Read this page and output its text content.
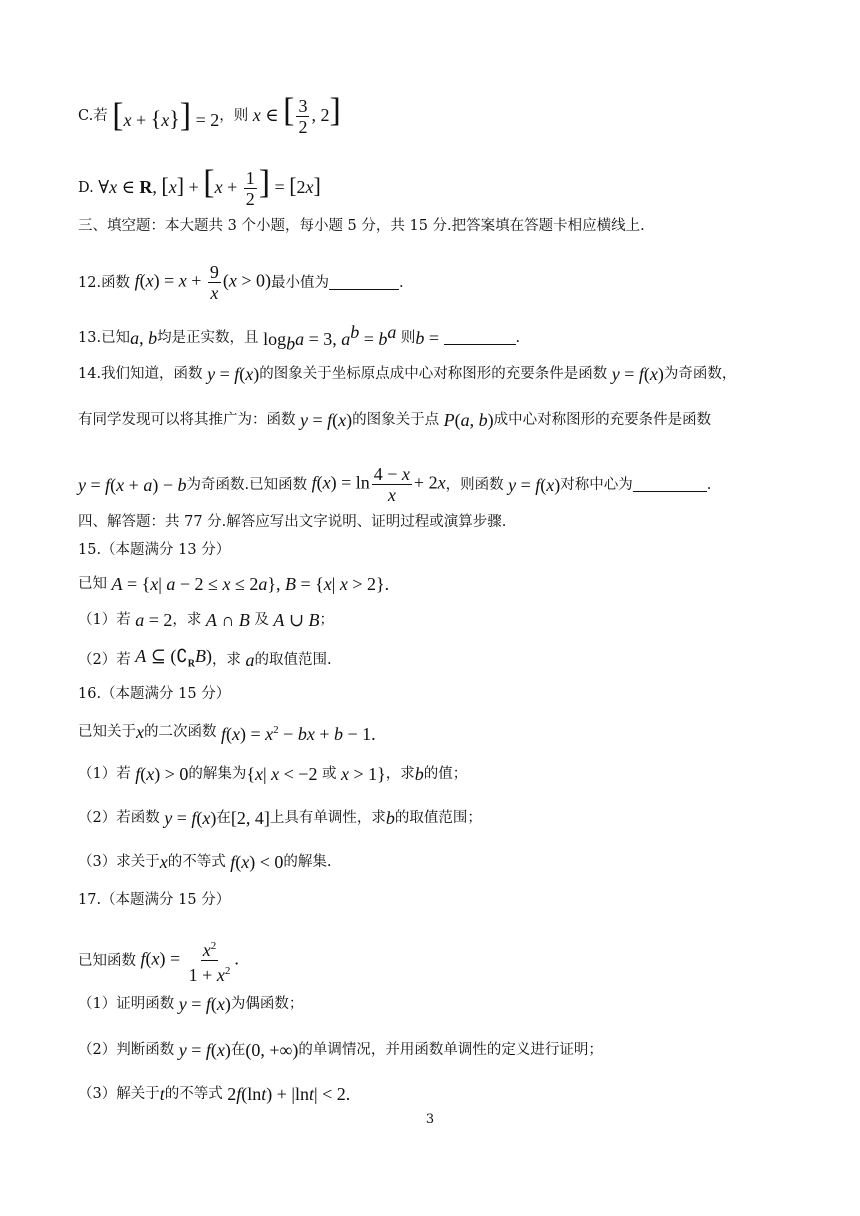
C.若 [x + {x}] = 2 ，则 x ∈ [ $\frac{3}{2}$ , 2]
D. ∀x ∈ R, $[x] + [x + \frac{1}{2}$ ] = [2x]
三、填空题：本大题共 3 个小题，每小题 5 分，共 15 分.把答案填在答题卡相应横线上.
12. 函数 $f(x) = x + \frac{9}{x} (x > 0)$ 最小值为	.
13. 已知 a, b 均是正实数，且 $\log_ba = 3$, $a^b = b^a$ 则 b =	.
14.我们知道，函数 y = f(x) 的图象关于坐标原点成中心对称图形的充要条件是函数 y = f(x) 为奇函数，
有同学发现可以将其推广为：函数 y = f(x) 的图象关于点 P(a, b) 成中心对称图形的充要条件是函数
y = f(x + a) − b 为奇函数.已知函数 $f(x) = \ln \frac{4 - x}{x} + 2x$ ，则函数 y = f(x) 对称中心为	.
四、解答题：共 77 分.解答应写出文字说明、证明过程或演算步骤.
15.（本题满分 13 分）
已知 A = {x| a − 2 ≤ x ≤ 2a}, B = {x| x > 2}.
（1）若 a = 2 ，求 A ∩ B 及 A ∪ B ；
（2）若 A ⊆ $(∁_RB)$ ，求 a 的取值范围.
16.（本题满分 15 分）
已知关于 x 的二次函数 $f(x) = x^2$ − bx + b − 1.
（1）若 f(x) > 0 的解集为 {x| x < −2 或 x > 1} ，求 b 的值；
（2）若函数 y = f(x) 在 [2, 4] 上具有单调性，求 b 的取值范围；
（3）求关于 x 的不等式 f(x) < 0 的解集.
17.（本题满分 15 分）
已知函数 $f(x) = \frac{x^2}{1 + x^2}$ .
（1）证明函数 y = f(x) 为偶函数；
（2）判断函数 y = f(x) 在 (0, +∞) 的单调情况，并用函数单调性的定义进行证明；
（3）解关于 t 的不等式 2f(lnt) + |lnt| < 2.
3
